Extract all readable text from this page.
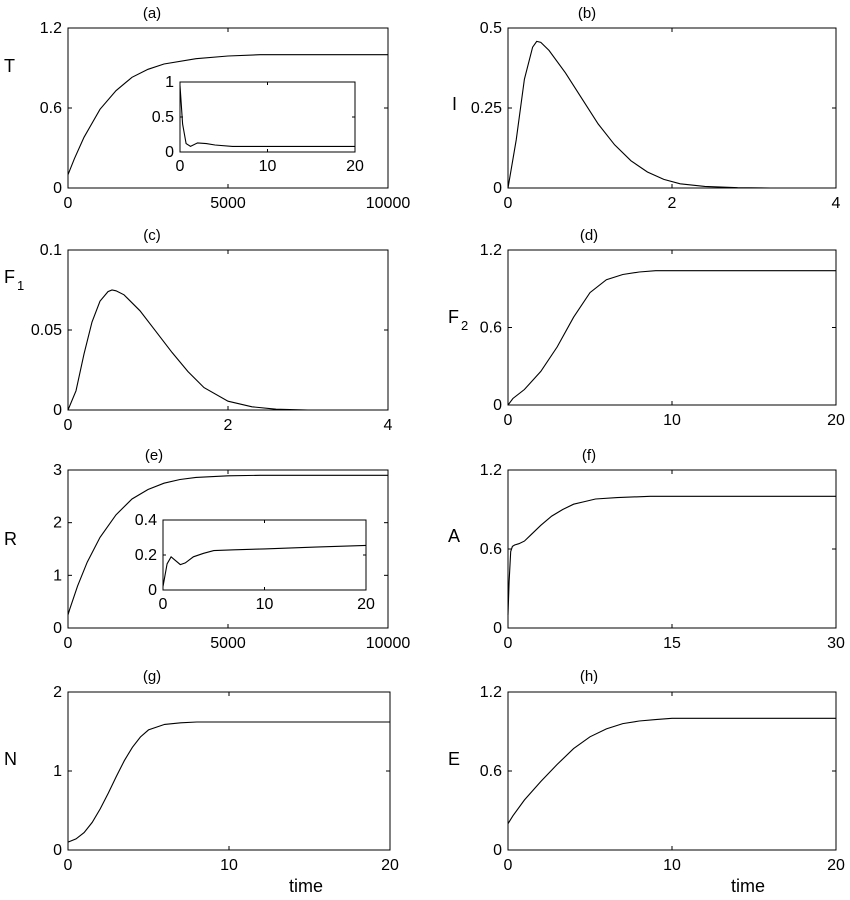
0	5000	10000
0
0.6
1.2
(a)
T
0	10	20
0
0.5
1
0	2	4
0
0.25
0.5
(b)
I
0	2	4
0
0.05
0.1
(c)
F $_1$
0	10	20
0
0.6
1.2
(d)
F $_2$
0	5000	10000
0
1
2
3
(e)
R
0	10	20
0
0.2
0.4
0	15	30
0
0.6
1.2
(f)
A
0	10	20
0
1
2
(g)
N
time
0	10	20
0
0.6
1.2
(h)
E
time
